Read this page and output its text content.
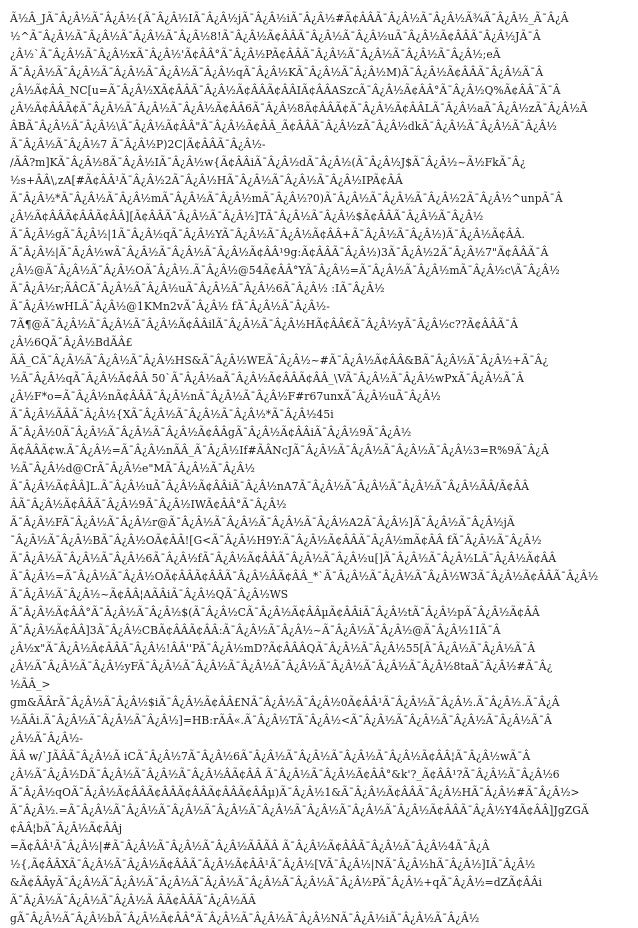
Ã½Â_JÃ¯Â¿Â½Ã¯Â¿Â½{Ã¯Â¿Â½IÃ¯Â¿Â½jÃ¯Â¿Â½iÃ¯Â¿Â½#Ã¢ÂÂÃ¯Â¿Â½Ã¯Â¿Â½Ã¾Ã¯Â¿Â½_Ã¯Â¿Â
½^Ã¯Â¿Â½Ã¯Â¿Â½Ã¯Â¿Â½Ã¯Â¿Â½8!Ã¯Â¿Â½Ã¢ÂÂÃ¯Â¿Â½Ã¯Â¿Â½uÃ¯Â¿Â½Ã¢ÂÂÃ¯Â¿Â½JÃ¯Â
¿Â½`Ã¯Â¿Â½Ã¯Â¿Â½xÃ¯Â¿Â½'Ã¢ÂÂ°Ã¯Â¿Â½PÃ¢ÂÂÃ¯Â¿Â½Ã¯Â¿Â½Ã¯Â¿Â½Ã¯Â¿Â½;eÃ
Ã¯Â¿Â½Ã¯Â¿Â½Ã¯Â¿Â½Ã¯Â¿Â½Ã¯Â¿Â½qÃ¯Â¿Â½KÃ¯Â¿Â½Ã¯Â¿Â½M)Ã¯Â¿Â½Ã¢ÂÂÃ¯Â¿Â½Ã¯Â
¿Â½Ã¢ÂÂ_NC[u=Ã¯Â¿Â½XÃ¢ÂÂÃ¯Â¿Â½Ã¢ÂÂÃ¢ÂÂIÃ¢ÂÂASzcÃ¯Â¿Â½Ã¢ÂÂ°Ã¯Â¿Â½Q%Ã¢ÂÂ¨Ã¯Â
¿Â½Ã¢ÂÂÃ¢Ã¯Â¿Â½Ã¯Â¿Â½Ã¯Â¿Â½Ã¢ÂÂ6Ã¯Â¿Â½8Ã¢ÂÂÃ¢Ã¯Â¿Â½Ã¢ÂÂLÃ¯Â¿Â½aÃ¯Â¿Â½zÃ¯Â¿Â½Ã
ÂBÃ¯Â¿Â½Ã¯Â¿Â½\Ã¯Â¿Â½Ã¢ÂÂ"Ã¯Â¿Â½Ã¢ÂÂ_Ã¢ÂÂÃ¯Â¿Â½zÃ¯Â¿Â½dkÃ¯Â¿Â½Ã¯Â¿Â½Ã¯Â¿Â½
Ã¯Â¿Â½Ã¯Â¿Â½7 Ã¯Â¿Â½P)2C|Ã¢ÂÂÃ¯Â¿Â½-
/ÃÂ?m]KÃ¯Â¿Â½8Ã¯Â¿Â½IÃ¯Â¿Â½w{Ã¢ÂÂiÃ¯Â¿Â½dÃ¯Â¿Â½(Ã¯Â¿Â½J$Ã¯Â¿Â½~Ã½FkÃ¯Â¿
½s+ÂÂ\,zA[#Ã¢ÂÂ¹Ã¯Â¿Â½2Ã¯Â¿Â½HÃ¯Â¿Â½Ã¯Â¿Â½Ã¯Â¿Â½IPÃ¢ÂÂ
Ã¯Â¿Â½*Ã¯Â¿Â½Ã¯Â¿Â½mÃ¯Â¿Â½Ã¯Â¿Â½mÃ¯Â¿Â½?0)Ã¯Â¿Â½Ã¯Â¿Â½Ã¯Â¿Â½2Ã¯Â¿Â½^unpÃ¯Â
¿Â½Ã¢ÂÂÃ¢ÂÂÃ¢ÂÂ][Ã¢ÂÂÃ¯Â¿Â½Ã¯Â¿Â½]TÃ¯Â¿Â½Ã¯Â¿Â½$Ã¢ÂÂÃ¯Â¿Â½Ã¯Â¿Â½
Ã¯Â¿Â½gÃ¯Â¿Â½|1Ã¯Â¿Â½qÃ¯Â¿Â½YÃ¯Â¿Â½Ã¯Â¿Â½Ã¢ÂÂ+Ã¯Â¿Â½Ã¯Â¿Â½)Ã¯Â¿Â½Ã¢ÂÂ.
Ã¯Â¿Â½|Ã¯Â¿Â½wÃ¯Â¿Â½Ã¯Â¿Â½Ã¯Â¿Â½Ã¢ÂÂ¹9g:Ã¢ÂÂÃ¯Â¿Â½)3Ã¯Â¿Â½2Ã¯Â¿Â½7"Ã¢ÂÂÃ¯Â
¿Â½@Ã¯Â¿Â½Ã¯Â¿Â½OÃ¯Â¿Â½.Ã¯Â¿Â½@54Ã¢ÂÂ°YÃ¯Â¿Â½=Ã¯Â¿Â½Ã¯Â¿Â½mÃ¯Â¿Â½c\Ã¯Â¿Â½
Ã¯Â¿Â½r;ÃÂCÃ¯Â¿Â½Ã¯Â¿Â½uÃ¯Â¿Â½Ã¯Â¿Â½6Ã¯Â¿Â½ :IÃ¯Â¿Â½
Ã¯Â¿Â½wHLÃ¯Â¿Â½@1KMn2vÃ¯Â¿Â½ fÃ¯Â¿Â½Ã¯Â¿Â½-
7Ã¶@Ã¯Â¿Â½Ã¯Â¿Â½Ã¯Â¿Â½Ã¢ÂÂilÃ¯Â¿Â½Ã¯Â¿Â½HÃ¢ÂÂ€Ã¯Â¿Â½yÃ¯Â¿Â½c??Ã¢ÂÂÃ¯Â
¿Â½6QÃ¯Â¿Â½BdÃÂ£
ÃÂ_CÃ¯Â¿Â½Ã¯Â¿Â½Ã¯Â¿Â½HS&Ã¯Â¿Â½WEÃ¯Â¿Â½~#Ã¯Â¿Â½Ã¢ÂÂ&BÃ¯Â¿Â½Ã¯Â¿Â½+Ã¯Â¿
½Ã¯Â¿Â½qÃ¯Â¿Â½Ã¢ÂÂ 50`Ã¯Â¿Â½aÃ¯Â¿Â½Ã¢ÂÂÃ¢ÂÂ_\VÃ¯Â¿Â½Ã¯Â¿Â½wPxÃ¯Â¿Â½Ã¯Â
¿Â½F*o=Ã¯Â¿Â½nÃ¢ÂÂÃ¯Â¿Â½nÃ¯Â¿Â½Ã¯Â¿Â½F#r67unxÃ¯Â¿Â½uÃ¯Â¿Â½
Ã¯Â¿Â½ÃÂÃ¯Â¿Â½{XÃ¯Â¿Â½Ã¯Â¿Â½Ã¯Â¿Â½*Ã¯Â¿Â½45i
Ã¯Â¿Â½0Ã¯Â¿Â½Ã¯Â¿Â½Ã¯Â¿Â½Ã¢ÂÂgÃ¯Â¿Â½Ã¢ÂÂiÃ¯Â¿Â½9Ã¯Â¿Â½
Ã¢ÂÂÃ¢w.Ã¯Â¿Â½=Ã¯Â¿Â½nÃÂ_Ã¯Â¿Â½If#ÃÂNcJÃ¯Â¿Â½Ã¯Â¿Â½Ã¯Â¿Â½Ã¯Â¿Â½3=R%9Ã¯Â¿Â
½Ã¯Â¿Â½d@CrÃ¯Â¿Â½e"MÃ¯Â¿Â½Ã¯Â¿Â½
Ã¯Â¿Â½Ã¢ÂÂ]L.Ã¯Â¿Â½uÃ¯Â¿Â½Ã¢ÂÂiÃ¯Â¿Â½nA7Ã¯Â¿Â½Ã¯Â¿Â½Ã¯Â¿Â½Ã¯Â¿Â½ÃÂ/Ã¢ÂÂ
ÂÃ¯Â¿Â½Ã¢ÂÂÃ¯Â¿Â½9Ã¯Â¿Â½IWÃ¢ÂÂ°Ã¯Â¿Â½
Ã¯Â¿Â½FÃ¯Â¿Â½Ã¯Â¿Â½r@Ã¯Â¿Â½Ã¯Â¿Â½Ã¯Â¿Â½Ã¯Â¿Â½A2Ã¯Â¿Â½]Ã¯Â¿Â½Ã¯Â¿Â½jÃ
¯Â¿Â½Ã¯Â¿Â½BÃ¯Â¿Â½OÃ¢ÂÂ![G<Ã¯Â¿Â½H9Y:Ã¯Â¿Â½Ã¢ÂÂÃ¯Â¿Â½mÃ¢ÂÂ fÃ¯Â¿Â½Ã¯Â¿Â½
Ã¯Â¿Â½Ã¯Â¿Â½Ã¯Â¿Â½6Ã¯Â¿Â½fÃ¯Â¿Â½Ã¢ÂÂÃ¯Â¿Â½Ã¯Â¿Â½u[]Ã¯Â¿Â½Ã¯Â¿Â½LÃ¯Â¿Â½Ã¢ÂÂ
Ã¯Â¿Â½=Ã¯Â¿Â½Ã¯Â¿Â½OÃ¢ÂÂÃ¢ÂÂÃ¯Â¿Â½ÂÃ¢ÂÂ_*`Ã¯Â¿Â½Ã¯Â¿Â½Ã¯Â¿Â½W3Ã¯Â¿Â½Ã¢ÂÂÃ¯Â¿Â½
Ã¯Â¿Â½Ã¯Â¿Â½~Ã¢ÂÂ¦AÃÂiÃ¯Â¿Â½QÃ¯Â¿Â½WS
Ã¯Â¿Â½Ã¢ÂÂ°Ã¯Â¿Â½Ã¯Â¿Â½$(Ã¯Â¿Â½CÃ¯Â¿Â½Ã¢ÂÂµÃ¢ÂÂiÃ¯Â¿Â½tÃ¯Â¿Â½pÃ¯Â¿Â½Ã¢ÂÂ
Ã¯Â¿Â½Ã¢ÂÂ]3Ã¯Â¿Â½CBÃ¢ÂÂÃ¢ÂÂ:Ã¯Â¿Â½Ã¯Â¿Â½~Ã¯Â¿Â½Ã¯Â¿Â½@Ã¯Â¿Â½1IÃ¯Â
¿Â½x"Ã¯Â¿Â½Ã¢ÂÂÃ¯Â¿Â½!ÂÂ''PÃ¯Â¿Â½mD?Ã¢ÂÂÂQÃ¯Â¿Â½Ã¯Â¿Â½55[Ã¯Â¿Â½Ã¯Â¿Â½Ã¯Â
¿Â½Ã¯Â¿Â½Ã¯Â¿Â½yFÃ¯Â¿Â½Ã¯Â¿Â½Ã¯Â¿Â½Ã¯Â¿Â½Ã¯Â¿Â½Ã¯Â¿Â½Ã¯Â¿Â½8taÃ¯Â¿Â½#Ã¯Â¿
½ÃÂ_>
gm&ÃÂrÃ¯Â¿Â½Ã¯Â¿Â½$iÃ¯Â¿Â½Ã¢ÂÂ£NÃ¯Â¿Â½Ã¯Â¿Â½0Ã¢ÂÂ¹Ã¯Â¿Â½Ã¯Â¿Â½.Ã¯Â¿Â½.Ã¯Â¿Â
½ÃÂi.Ã¯Â¿Â½Ã¯Â¿Â½Ã¯Â¿Â½]=HB:rÃÂ«.Ã¯Â¿Â½TÃ¯Â¿Â½<Ã¯Â¿Â½Ã¯Â¿Â½Ã¯Â¿Â½Ã¯Â¿Â½Ã¯Â
¿Â½Ã¯Â¿Â½-
ÃÂ w/`JÃÂÃ¯Â¿Â½Ã iCÃ¯Â¿Â½7Ã¯Â¿Â½6Ã¯Â¿Â½Ã¯Â¿Â½Ã¯Â¿Â½Ã¯Â¿Â½Ã¢ÂÂ¦Ã¯Â¿Â½wÃ¯Â
¿Â½Ã¯Â¿Â½DÃ¯Â¿Â½Ã¯Â¿Â½Ã¯Â¿Â½ÂÃ¢ÂÂ Ã¯Â¿Â½Ã¯Â¿Â½Ã¢ÂÂ°&k'?_Ã¢ÂÂ¹?Ã¯Â¿Â½Ã¯Â¿Â½6
Ã¯Â¿Â½qOÃ¯Â¿Â½Ã¢ÂÂÃ¢ÂÂÃ¢ÂÂÃ¢ÂÂÃ¢ÂÂµ)Ã¯Â¿Â½1&Ã¯Â¿Â½Ã¢ÂÂÃ¯Â¿Â½HÃ¯Â¿Â½#Ã¯Â¿Â½>
Ã¯Â¿Â½.=Ã¯Â¿Â½Ã¯Â¿Â½Ã¯Â¿Â½Ã¯Â¿Â½Ã¯Â¿Â½Ã¯Â¿Â½Ã¯Â¿Â½Ã¯Â¿Â½Ã¢ÂÂÃ¯Â¿Â½Y4Ã¢ÂÂ]JgZGÃ
¢ÂÂ¦bÃ¯Â¿Â½Ã¢ÂÂj
=Ã¢ÂÂ¹Ã¯Â¿Â½|#Ã¯Â¿Â½Ã¯Â¿Â½Ã¯Â¿Â½ÃÂÃÂ Ã¯Â¿Â½Ã¢ÂÂÃ¯Â¿Â½Ã¯Â¿Â½4Ã¯Â¿Â
½{,Ã¢ÂÂXÃ¯Â¿Â½Ã¯Â¿Â½Ã¢ÂÂÃ¯Â¿Â½Ã¢ÂÂ¹Ã¯Â¿Â½[VÃ¯Â¿Â½|NÃ¯Â¿Â½hÃ¯Â¿Â½]IÃ¯Â¿Â½
&Ã¢ÂÂyÃ¯Â¿Â½Ã¯Â¿Â½Ã¯Â¿Â½Ã¯Â¿Â½Ã¯Â¿Â½Ã¯Â¿Â½Ã¯Â¿Â½PÃ¯Â¿Â½+qÃ¯Â¿Â½=dZÃ¢ÂÂi
Ã¯Â¿Â½Ã¯Â¿Â½Ã¯Â¿Â½Ã ÂÃ¢ÂÂÃ¯Â¿Â½ÃÂ
gÃ¯Â¿Â½Ã¯Â¿Â½bÃ¯Â¿Â½Ã¢ÂÂ°Ã¯Â¿Â½Ã¯Â¿Â½Ã¯Â¿Â½NÃ¯Â¿Â½iÃ¯Â¿Â½Ã¯Â¿Â½
